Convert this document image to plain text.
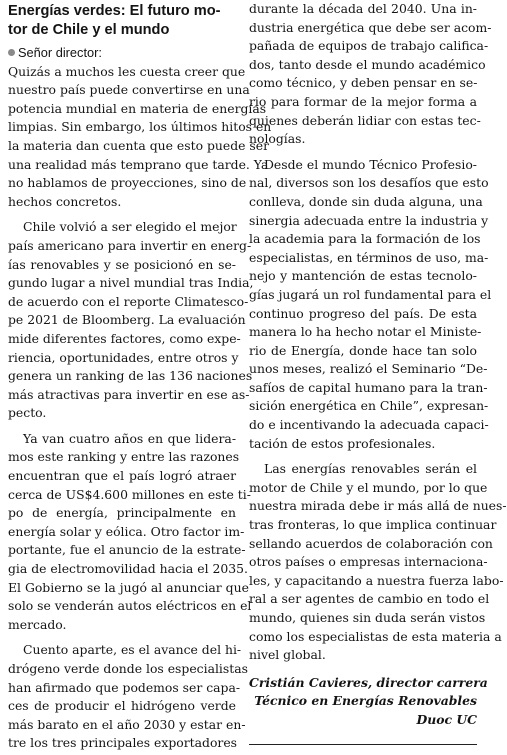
Energías verdes: El futuro mo-
tor de Chile y el mundo
Señor director:
Quizás a muchos les cuesta creer que
nuestro país puede convertirse en una
potencia mundial en materia de energías
limpias. Sin embargo, los últimos hitos en
la materia dan cuenta que esto puede ser
una realidad más temprano que tarde. Ya
no hablamos de proyecciones, sino de
hechos concretos.
Chile volvió a ser elegido el mejor
país americano para invertir en energ-
ías renovables y se posicionó en se-
gundo lugar a nivel mundial tras India,
de acuerdo con el reporte Climatesco-
pe 2021 de Bloomberg. La evaluación
mide diferentes factores, como expe-
riencia, oportunidades, entre otros y
genera un ranking de las 136 naciones
más atractivas para invertir en ese as-
pecto.
Ya van cuatro años en que lidera-
mos este ranking y entre las razones
encuentran que el país logró atraer
cerca de US$4.600 millones en este ti-
po de energía, principalmente en
energía solar y eólica. Otro factor im-
portante, fue el anuncio de la estrate-
gia de electromovilidad hacia el 2035.
El Gobierno se la jugó al anunciar que
solo se venderán autos eléctricos en el
mercado.
Cuento aparte, es el avance del hi-
drógeno verde donde los especialistas
han afirmado que podemos ser capa-
ces de producir el hidrógeno verde
más barato en el año 2030 y estar en-
tre los tres principales exportadores
durante la década del 2040. Una in-
dustria energética que debe ser acom-
pañada de equipos de trabajo califica-
dos, tanto desde el mundo académico
como técnico, y deben pensar en se-
rio para formar de la mejor forma a
quienes deberán lidiar con estas tec-
nologías.
Desde el mundo Técnico Profesio-
nal, diversos son los desafíos que esto
conlleva, donde sin duda alguna, una
sinergia adecuada entre la industria y
la academia para la formación de los
especialistas, en términos de uso, ma-
nejo y mantención de estas tecnolo-
gías jugará un rol fundamental para el
continuo progreso del país. De esta
manera lo ha hecho notar el Ministe-
rio de Energía, donde hace tan solo
unos meses, realizó el Seminario “De-
safíos de capital humano para la tran-
sición energética en Chile”, expresan-
do e incentivando la adecuada capaci-
tación de estos profesionales.
Las energías renovables serán el
motor de Chile y el mundo, por lo que
nuestra mirada debe ir más allá de nues-
tras fronteras, lo que implica continuar
sellando acuerdos de colaboración con
otros países o empresas internaciona-
les, y capacitando a nuestra fuerza labo-
ral a ser agentes de cambio en todo el
mundo, quienes sin duda serán vistos
como los especialistas de esta materia a
nivel global.
Cristián Cavieres, director carrera
Técnico en Energías Renovables
Duoc UC
